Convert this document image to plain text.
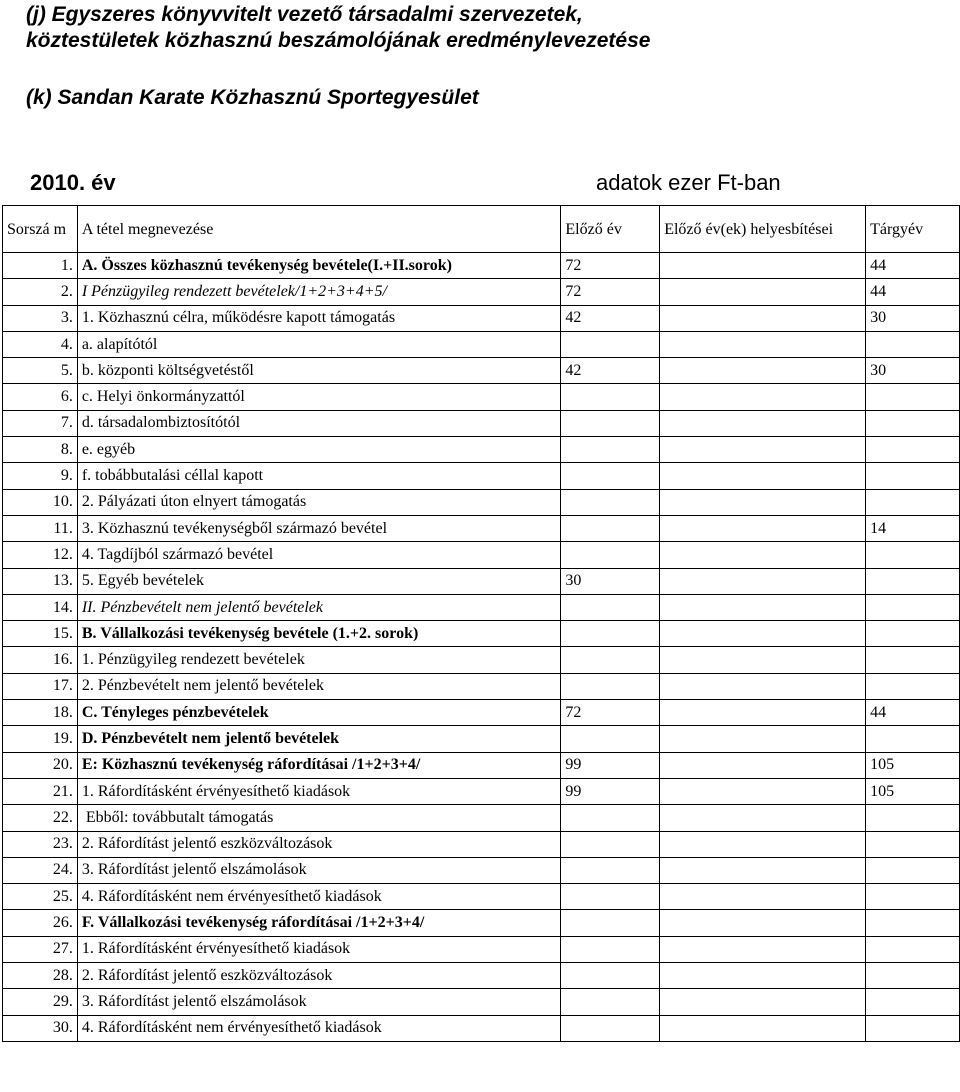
(j) Egyszeres könyvvitelt vezető társadalmi szervezetek,
köztestületek közhasznú beszámolójának eredménylevezetése
(k) Sandan Karate Közhasznú Sportegyesület
2010. év	adatok ezer Ft-ban
Sorszá m	A tétel megnevezése	Előző év	Előző év(ek) helyesbítései	Tárgyév
1.	A. Összes közhasznú tevékenység bevétele(I.+II.sorok)	72		44
2.	I Pénzügyileg rendezett bevételek/1+2+3+4+5/	72		44
3.	1. Közhasznú célra, működésre kapott támogatás	42		30
4.	a. alapítótól			
5.	b. központi költségvetéstől	42		30
6.	c. Helyi önkormányzattól			
7.	d. társadalombiztosítótól			
8.	e. egyéb			
9.	f. tobábbutalási céllal kapott			
10.	2. Pályázati úton elnyert támogatás			
11.	3. Közhasznú tevékenységből származó bevétel			14
12.	4. Tagdíjból származó bevétel			
13.	5. Egyéb bevételek	30		
14.	II. Pénzbevételt nem jelentő bevételek			
15.	B. Vállalkozási tevékenység bevétele (1.+2. sorok)			
16.	1. Pénzügyileg rendezett bevételek			
17.	2. Pénzbevételt nem jelentő bevételek			
18.	C. Tényleges pénzbevételek	72		44
19.	D. Pénzbevételt nem jelentő bevételek			
20.	E: Közhasznú tevékenység ráfordításai /1+2+3+4/	99		105
21.	1. Ráfordításként érvényesíthető kiadások	99		105
22.	Ebből: továbbutalt támogatás			
23.	2. Ráfordítást jelentő eszközváltozások			
24.	3. Ráfordítást jelentő elszámolások			
25.	4. Ráfordításként nem érvényesíthető kiadások			
26.	F. Vállalkozási tevékenység ráfordításai /1+2+3+4/			
27.	1. Ráfordításként érvényesíthető kiadások			
28.	2. Ráfordítást jelentő eszközváltozások			
29.	3. Ráfordítást jelentő elszámolások			
30.	4. Ráfordításként nem érvényesíthető kiadások			
